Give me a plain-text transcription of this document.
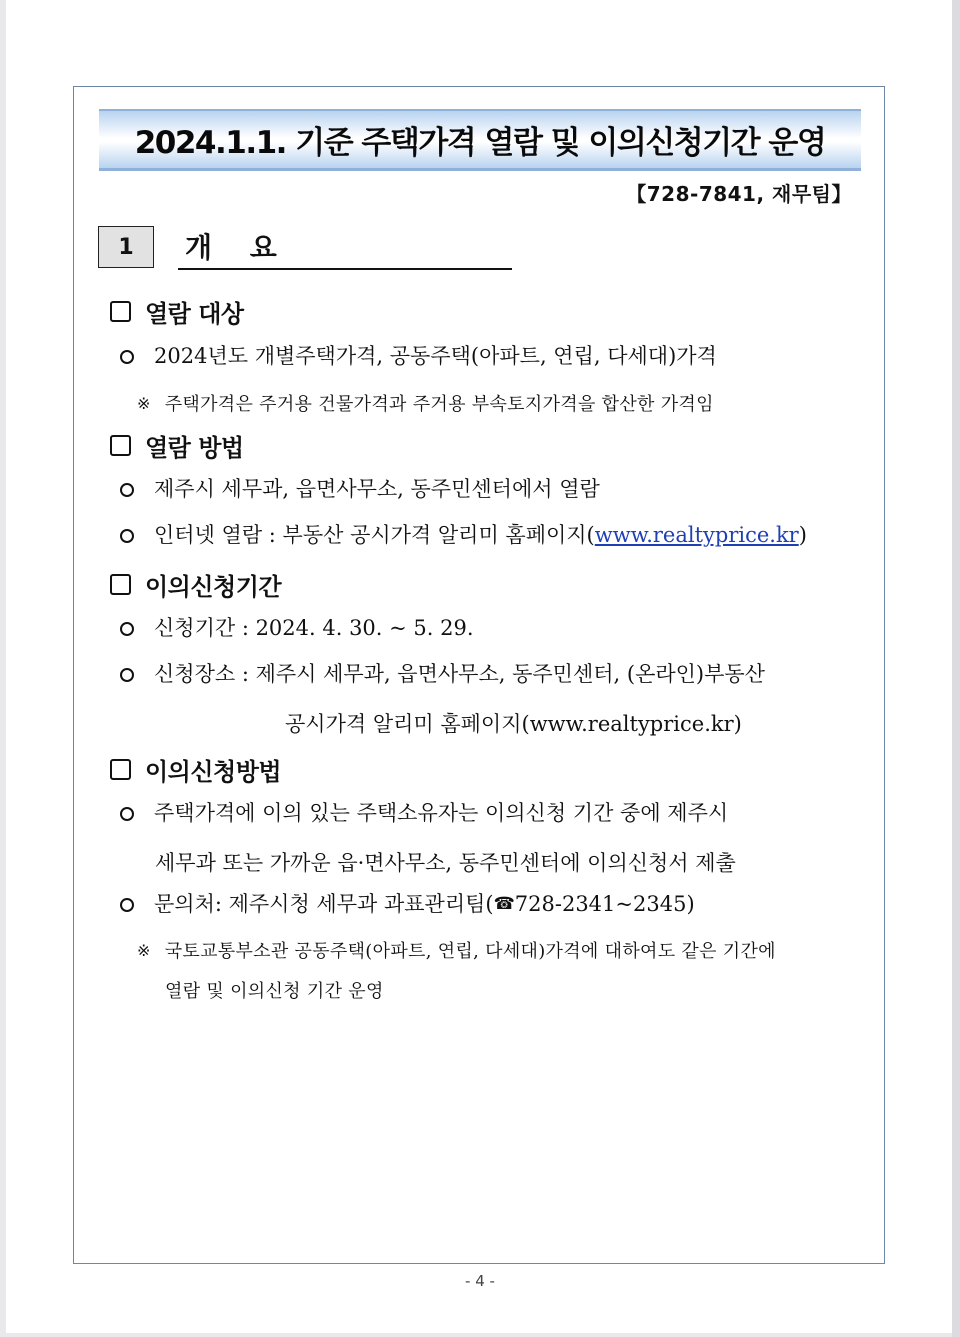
2024.1.1. 기준 주택가격 열람 및 이의신청기간 운영
【728-7841, 재무팀】
1	개 요
열람 대상
2024년도 개별주택가격, 공동주택(아파트, 연립, 다세대)가격
※ 주택가격은 주거용 건물가격과 주거용 부속토지가격을 합산한 가격임
열람 방법
제주시 세무과, 읍면사무소, 동주민센터에서 열람
인터넷 열람 : 부동산 공시가격 알리미 홈페이지( www.realtyprice.kr )
이의신청기간
신청기간 : 2024. 4. 30. ~ 5. 29.
신청장소 : 제주시 세무과, 읍면사무소, 동주민센터, (온라인)부동산
공시가격 알리미 홈페이지(www.realtyprice.kr)
이의신청방법
주택가격에 이의 있는 주택소유자는 이의신청 기간 중에 제주시
세무과 또는 가까운 읍·면사무소, 동주민센터에 이의신청서 제출
문의처: 제주시청 세무과 과표관리팀( ☎ 728-2341~2345)
※ 국토교통부소관 공동주택(아파트, 연립, 다세대)가격에 대하여도 같은 기간에
열람 및 이의신청 기간 운영
- 4 -
